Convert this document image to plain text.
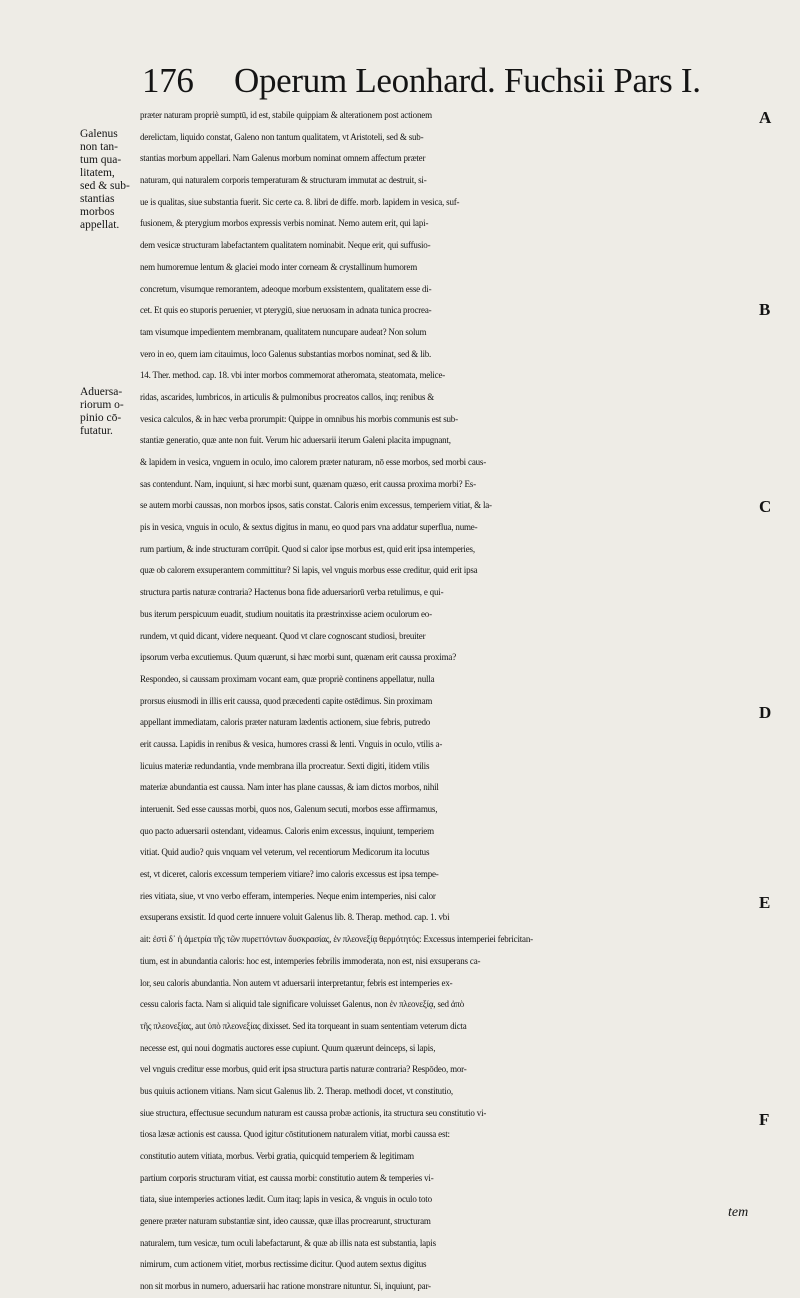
176 Operum Leonhard. Fuchsii Pars I.
Galenus
non tan-
tum qua-
litatem,
sed & sub-
stantias
morbos
appellat.
Aduersa-
riorum o-
pinio cō-
futatur.
A
B
C
D
E
F
præter naturam propriè sumptū, id est, stabile quippiam & alterationem post actionem
derelictam, liquido constat, Galeno non tantum qualitatem, vt Aristoteli, sed & sub-
stantias morbum appellari. Nam Galenus morbum nominat omnem affectum præter
naturam, qui naturalem corporis temperaturam & structuram immutat ac destruit, si-
ue is qualitas, siue substantia fuerit. Sic certe ca. 8. libri de diffe. morb. lapidem in vesica, suf-
fusionem, & pterygium morbos expressis verbis nominat. Nemo autem erit, qui lapi-
dem vesicæ structuram labefactantem qualitatem nominabit. Neque erit, qui suffusio-
nem humoremue lentum & glaciei modo inter corneam & crystallinum humorem
concretum, visumque remorantem, adeoque morbum exsistentem, qualitatem esse di-
cet. Et quis eo stuporis peruenier, vt pterygiū, siue neruosam in adnata tunica procrea-
tam visumque impedientem membranam, qualitatem nuncupare audeat? Non solum
vero in eo, quem iam citauimus, loco Galenus substantias morbos nominat, sed & lib.
14. Ther. method. cap. 18. vbi inter morbos commemorat atheromata, steatomata, melice-
ridas, ascarides, lumbricos, in articulis & pulmonibus procreatos callos, inq; renibus &
vesica calculos, & in hæc verba prorumpit: Quippe in omnibus his morbis communis est sub-
stantiæ generatio, quæ ante non fuit. Verum hic aduersarii iterum Galeni placita impugnant,
& lapidem in vesica, vnguem in oculo, imo calorem præter naturam, nō esse morbos, sed morbi caus-
sas contendunt. Nam, inquiunt, si hæc morbi sunt, quænam quæso, erit caussa proxima morbi? Es-
se autem morbi caussas, non morbos ipsos, satis constat. Caloris enim excessus, temperiem vitiat, & la-
pis in vesica, vnguis in oculo, & sextus digitus in manu, eo quod pars vna addatur superflua, nume-
rum partium, & inde structuram corrūpit. Quod si calor ipse morbus est, quid erit ipsa intemperies,
quæ ob calorem exsuperantem committitur? Si lapis, vel vnguis morbus esse creditur, quid erit ipsa
structura partis naturæ contraria? Hactenus bona fide aduersariorū verba retulimus, e qui-
bus iterum perspicuum euadit, studium nouitatis ita præstrinxisse aciem oculorum eo-
rundem, vt quid dicant, videre nequeant. Quod vt clare cognoscant studiosi, breuiter
ipsorum verba excutiemus. Quum quærunt, si hæc morbi sunt, quænam erit caussa proxima?
Respondeo, si caussam proximam vocant eam, quæ propriè continens appellatur, nulla
prorsus eiusmodi in illis erit caussa, quod præcedenti capite ostēdimus. Sin proximam
appellant immediatam, caloris præter naturam lædentis actionem, siue febris, putredo
erit caussa. Lapidis in renibus & vesica, humores crassi & lenti. Vnguis in oculo, vtilis a-
licuius materiæ redundantia, vnde membrana illa procreatur. Sexti digiti, itidem vtilis
materiæ abundantia est caussa. Nam inter has plane caussas, & iam dictos morbos, nihil
interuenit. Sed esse caussas morbi, quos nos, Galenum secuti, morbos esse affirmamus,
quo pacto aduersarii ostendant, videamus. Caloris enim excessus, inquiunt, temperiem
vitiat. Quid audio? quis vnquam vel veterum, vel recentiorum Medicorum ita locutus
est, vt diceret, caloris excessum temperiem vitiare? imo caloris excessus est ipsa tempe-
ries vitiata, siue, vt vno verbo efferam, intemperies. Neque enim intemperies, nisi calor
exsuperans exsistit. Id quod certe innuere voluit Galenus lib. 8. Therap. method. cap. 1. vbi
ait: ἐστὶ δ᾽ ἡ ἀμετρία τῆς τῶν πυρεττόντων δυσκρασίας, ἐν πλεονεξίᾳ θερμότητός: Excessus intemperiei febricitan-
tium, est in abundantia caloris: hoc est, intemperies febrilis immoderata, non est, nisi exsuperans ca-
lor, seu caloris abundantia. Non autem vt aduersarii interpretantur, febris est intemperies ex-
cessu caloris facta. Nam si aliquid tale significare voluisset Galenus, non ἐν πλεονεξίᾳ, sed ἀπὸ
τῆς πλεονεξίας, aut ὑπὸ πλεονεξίας dixisset. Sed ita torqueant in suam sententiam veterum dicta
necesse est, qui noui dogmatis auctores esse cupiunt. Quum quærunt deinceps, si lapis,
vel vnguis creditur esse morbus, quid erit ipsa structura partis naturæ contraria? Respōdeo, mor-
bus quiuis actionem vitians. Nam sicut Galenus lib. 2. Therap. methodi docet, vt constitutio,
siue structura, effectusue secundum naturam est caussa probæ actionis, ita structura seu constitutio vi-
tiosa læsæ actionis est caussa. Quod igitur cōstitutionem naturalem vitiat, morbi caussa est:
constitutio autem vitiata, morbus. Verbi gratia, quicquid temperiem & legitimam
partium corporis structuram vitiat, est caussa morbi: constitutio autem & temperies vi-
tiata, siue intemperies actiones lædit. Cum itaq; lapis in vesica, & vnguis in oculo toto
genere præter naturam substantiæ sint, ideo caussæ, quæ illas procrearunt, structuram
naturalem, tum vesicæ, tum oculi labefactarunt, & quæ ab illis nata est substantia, lapis
nimirum, cum actionem vitiet, morbus rectissime dicitur. Quod autem sextus digitus
non sit morbus in numero, aduersarii hac ratione monstrare nituntur. Si, inquiunt, par-
tem
